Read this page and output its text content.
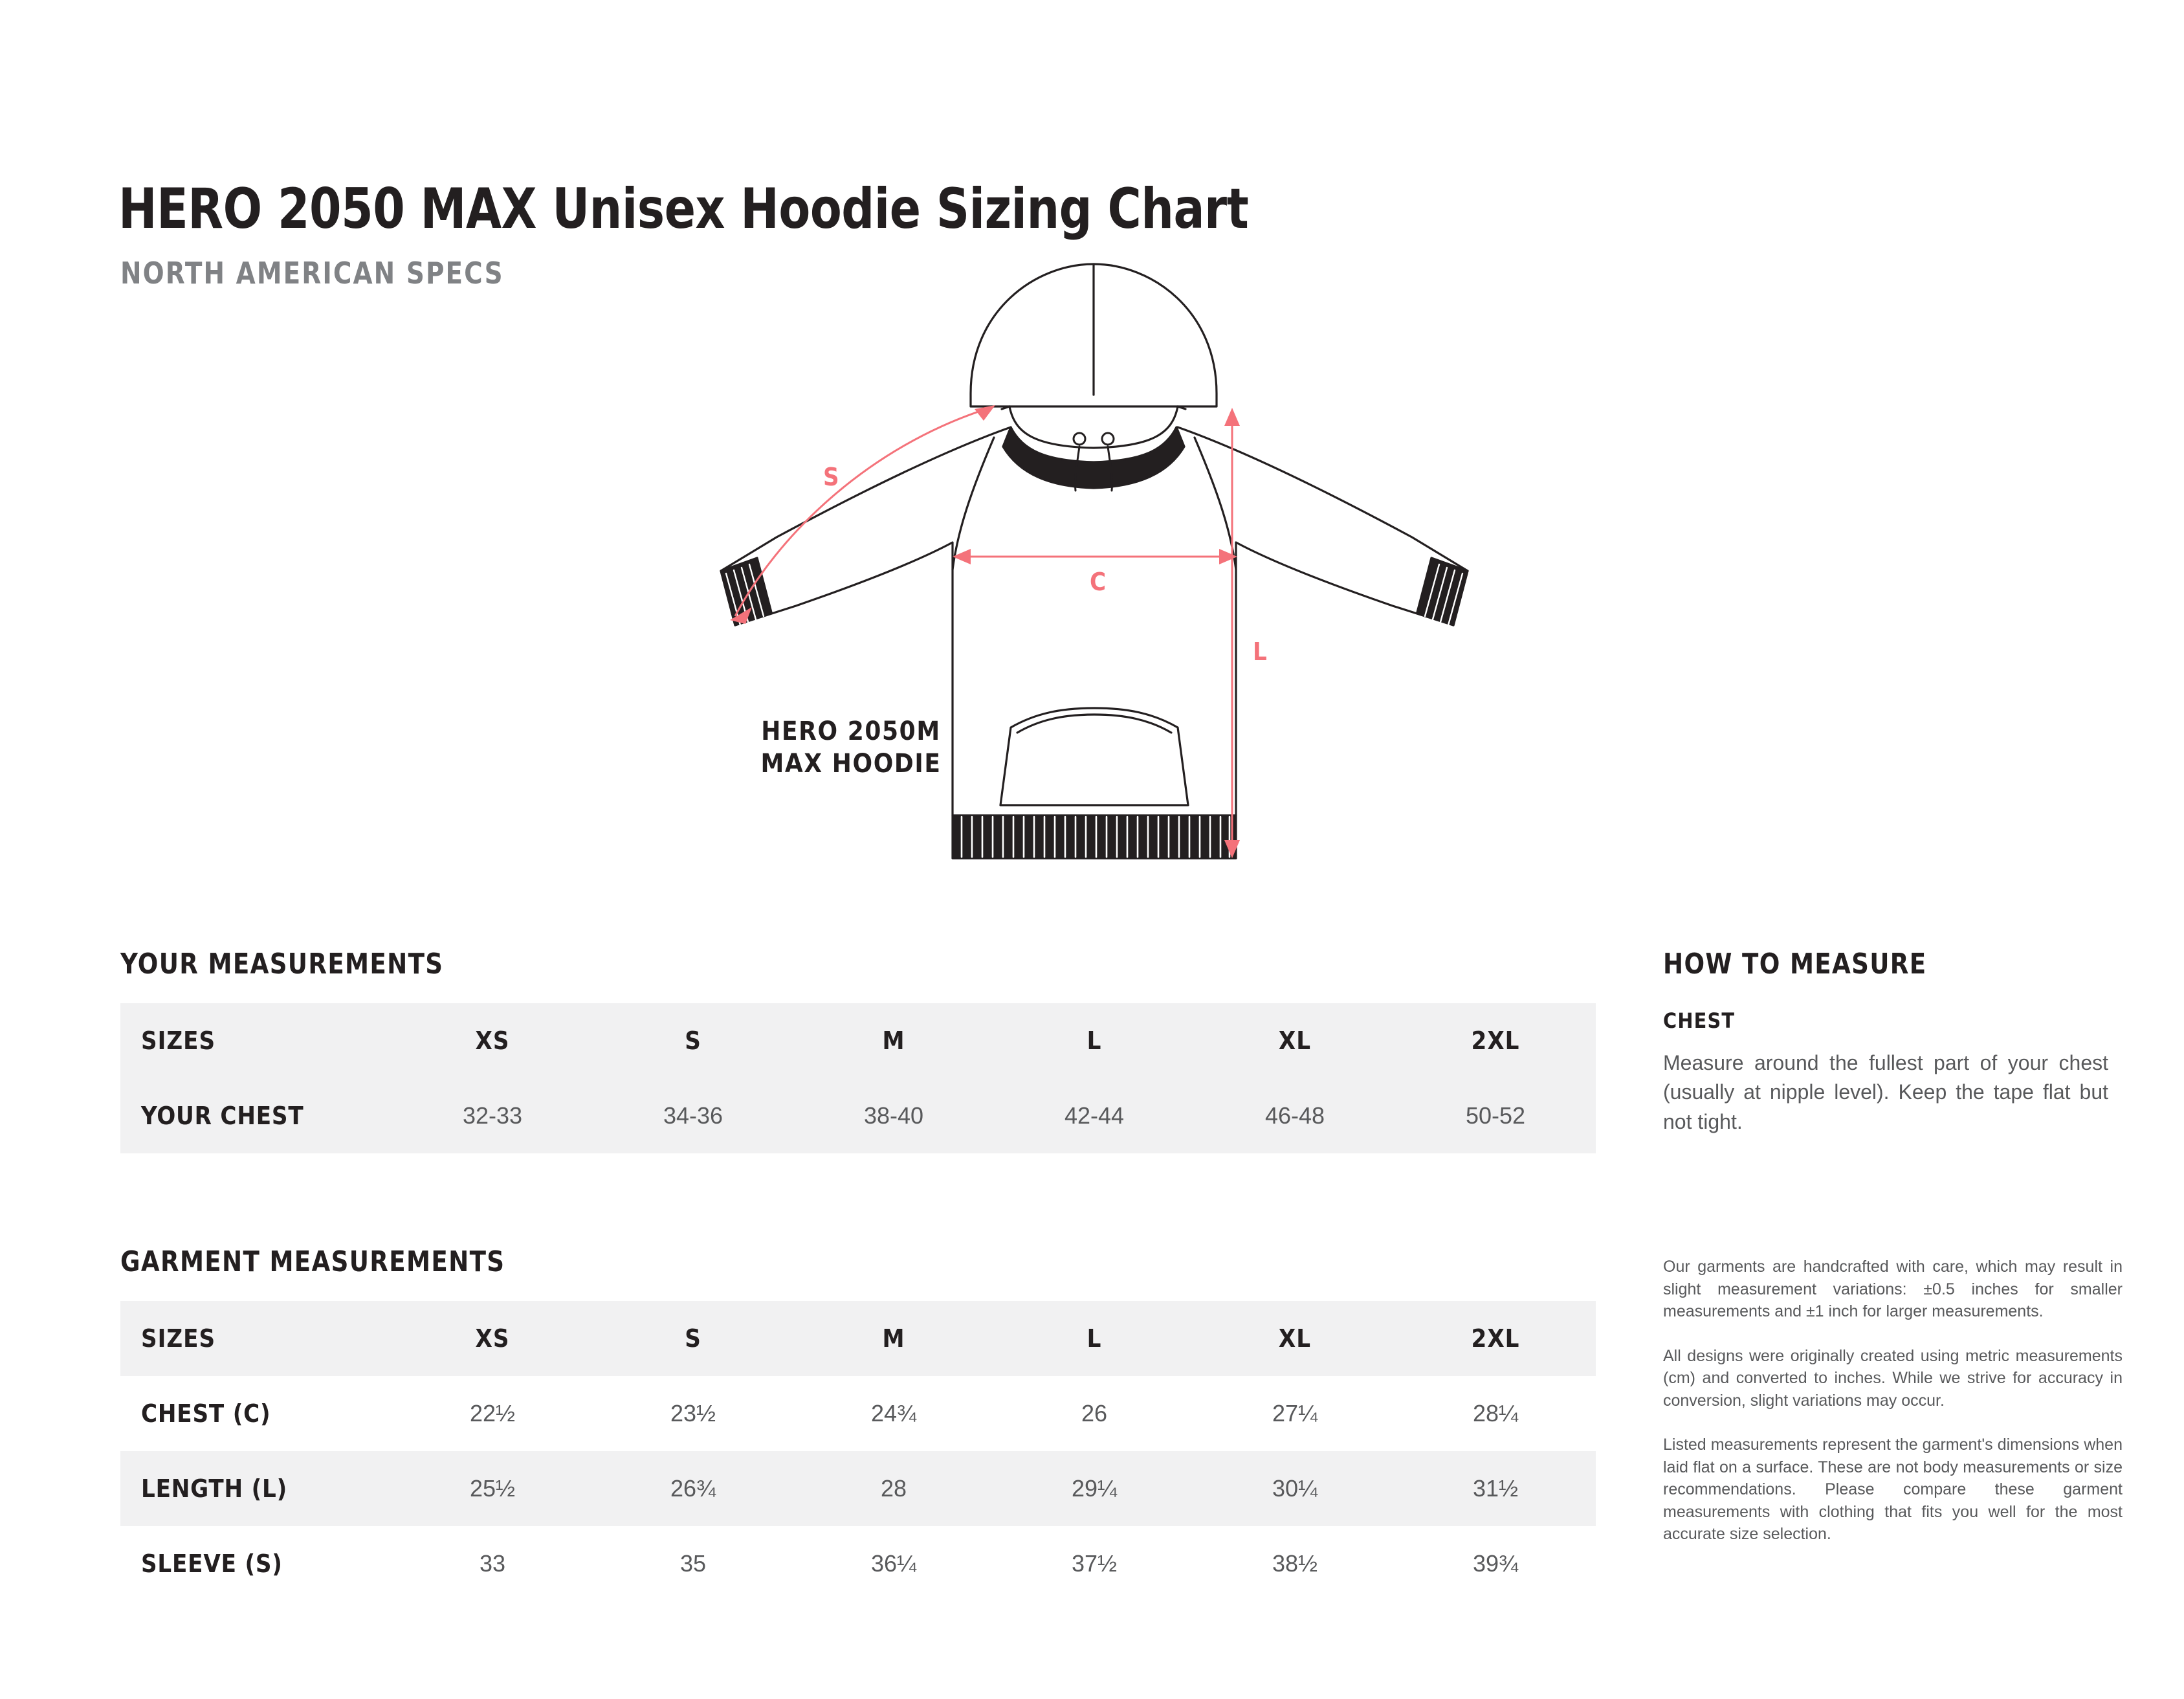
HERO 2050 MAX Unisex Hoodie Sizing Chart
NORTH AMERICAN SPECS
S
C
L
HERO 2050M
MAX HOODIE
YOUR MEASUREMENTS
SIZES	XS	S	M	L	XL	2XL
YOUR CHEST	32-33	34-36	38-40	42-44	46-48	50-52
GARMENT MEASUREMENTS
SIZES	XS	S	M	L	XL	2XL
CHEST (C)	22½	23½	24¾	26	27¼	28¼
LENGTH (L)	25½	26¾	28	29¼	30¼	31½
SLEEVE (S)	33	35	36¼	37½	38½	39¾
HOW TO MEASURE
CHEST
Measure around the fullest part of your chest (usually at nipple level). Keep the tape flat but not tight.

Our garments are handcrafted with care, which may result in slight measurement variations: ±0.5 inches for smaller measurements and ±1 inch for larger measurements.

All designs were originally created using metric measurements (cm) and converted to inches. While we strive for accuracy in conversion, slight variations may occur.

Listed measurements represent the garment's dimensions when laid flat on a surface. These are not body measurements or size recommendations. Please compare these garment measurements with clothing that fits you well for the most accurate size selection.
